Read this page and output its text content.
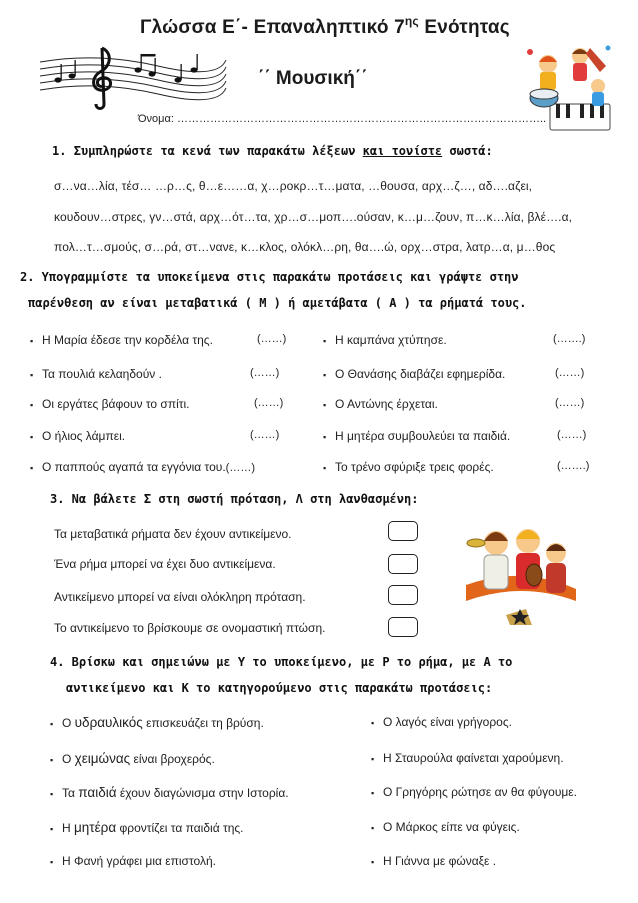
Γλώσσα Ε΄- Επαναληπτικό $7^{\eta\varsigma}$ Ενότητας
΄΄ Μουσική΄΄
Όνομα: ………………………………………………………………………………………..
1. Συμπληρώστε τα κενά των παρακάτω λέξεων και τονίστε σωστά:
σ…να…λία, τέσ… …ρ…ς, θ…ε……α, χ…ροκρ…τ…ματα, …θουσα, αρχ…ζ…, αδ….αζει,
κουδουν…στρες, γν…στά, αρχ…ότ…τα, χρ…σ…μοπ….ούσαν, κ…μ…ζουν, π…κ…λία, βλέ….α,
πολ…τ…σμούς, σ…ρά, στ…νανε, κ…κλος, ολόκλ…ρη, θα….ώ, ορχ…στρα, λατρ…α, μ…θος
2. Υπογραμμίστε τα υποκείμενα στις παρακάτω προτάσεις και γράψτε στην
παρένθεση αν είναι μεταβατικά ( Μ ) ή αμετάβατα ( Α ) τα ρήματά τους.
▪ Η Μαρία έδεσε την κορδέλα της.	(……)
▪ Τα πουλιά κελαηδούν .	(……)
▪ Οι εργάτες βάφουν το σπίτι.	(……)
▪ Ο ήλιος λάμπει.	(……)
▪ Ο παππούς αγαπά τα εγγόνια του.(……)
▪ Η καμπάνα χτύπησε.	(…….)
▪ Ο Θανάσης διαβάζει εφημερίδα.	(……)
▪ Ο Αντώνης έρχεται.	(……)
▪ Η μητέρα συμβουλεύει τα παιδιά.	(……)
▪ Το τρένο σφύριξε τρεις φορές.	(…….)
3. Να βάλετε Σ στη σωστή πρόταση, Λ στη λανθασμένη:
Τα μεταβατικά ρήματα δεν έχουν αντικείμενο.
Ένα ρήμα μπορεί να έχει δυο αντικείμενα.
Αντικείμενο μπορεί να είναι ολόκληρη πρόταση.
Το αντικείμενο το βρίσκουμε σε ονομαστική πτώση.
4. Βρίσκω και σημειώνω με Υ το υποκείμενο, με Ρ το ρήμα, με Α το
αντικείμενο και Κ το κατηγορούμενο στις παρακάτω προτάσεις:
▪ Ο υδραυλικός επισκευάζει τη βρύση.
▪ Ο χειμώνας είναι βροχερός.
▪ Τα παιδιά έχουν διαγώνισμα στην Ιστορία.
▪ Η μητέρα φροντίζει τα παιδιά της.
▪ Η Φανή γράφει μια επιστολή.
▪ Ο λαγός είναι γρήγορος.
▪ Η Σταυρούλα φαίνεται χαρούμενη.
▪ Ο Γρηγόρης ρώτησε αν θα φύγουμε.
▪ Ο Μάρκος είπε να φύγεις.
▪ Η Γιάννα με φώναξε .
